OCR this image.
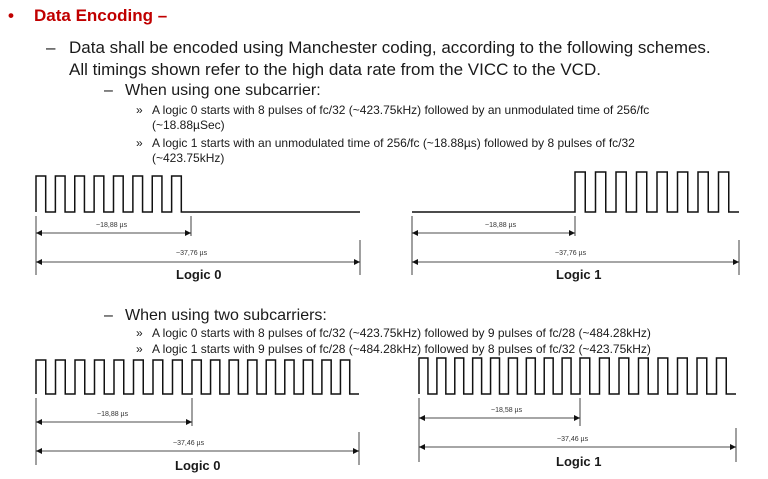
• Data Encoding –
– Data shall be encoded using Manchester coding, according to the following schemes.
All timings shown refer to the high data rate from the VICC to the VCD.
– When using one subcarrier:
» A logic 0 starts with 8 pulses of fc/32 (~423.75kHz) followed by an unmodulated time of 256/fc
(~18.88µSec)
» A logic 1 starts with an unmodulated time of 256/fc (~18.88µs) followed by 8 pulses of fc/32
(~423.75kHz)
– When using two subcarriers:
» A logic 0 starts with 8 pulses of fc/32 (~423.75kHz) followed by 9 pulses of fc/28 (~484.28kHz)
» A logic 1 starts with 9 pulses of fc/28 (~484.28kHz) followed by 8 pulses of fc/32 (~423.75kHz)
~18,88 µs
~37,76 µs
Logic 0
~18,88 µs
~37,76 µs
Logic 1
~18,88 µs
~37,46 µs
Logic 0
~18,58 µs
~37,46 µs
Logic 1
